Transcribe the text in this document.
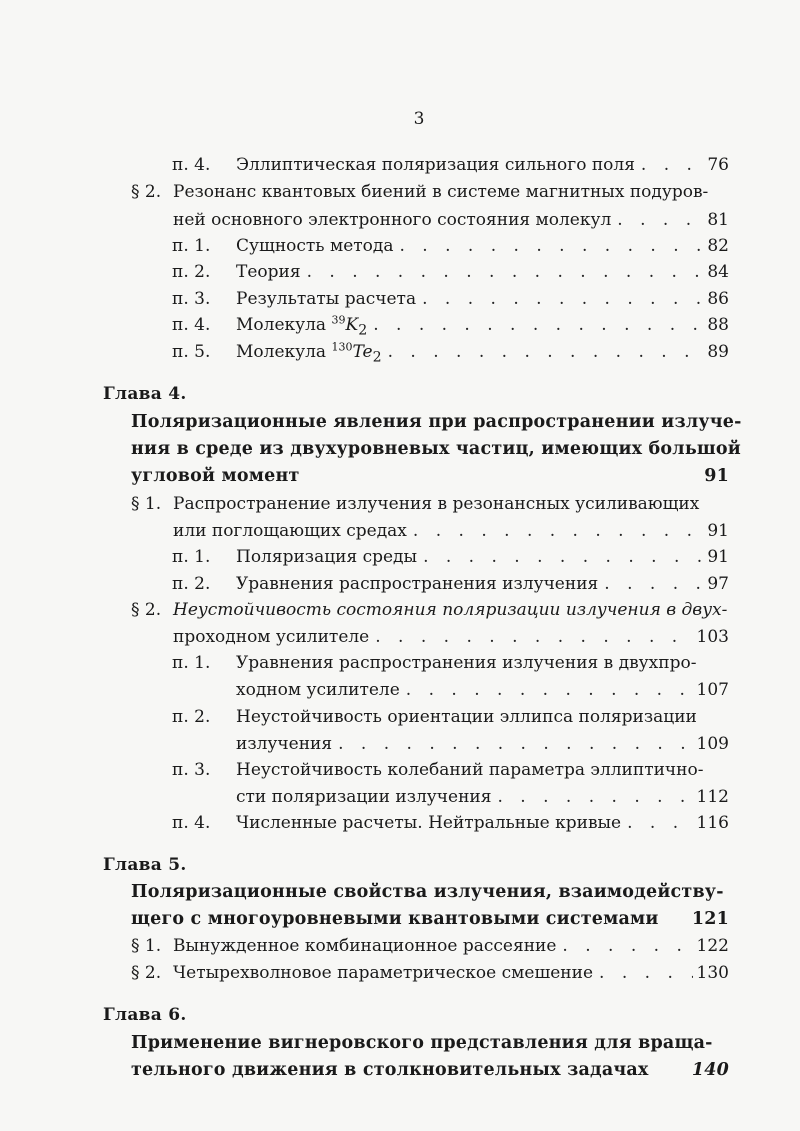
3
п. 4.	Эллиптическая поляризация сильного поля . . .	76
§ 2. Резонанс квантовых биений в системе магнитных подуров-
ней основного электронного состояния молекул . . .	81
п. 1.	Сущность метода . . .	82
п. 2.	Теория . . .	84
п. 3.	Результаты расчета . . .	86
п. 4.	Молекула $^{39}K_2$ . . .	88
п. 5.	Молекула $^{130}Te_2$ . . .	89
Глава 4.
Поляризационные явления при распространении излуче-
ния в среде из двухуровневых частиц, имеющих большой
угловой момент	91
§ 1. Распространение излучения в резонансных усиливающих
или поглощающих средах . . .	91
п. 1.	Поляризация среды . . .	91
п. 2.	Уравнения распространения излучения . . .	97
§ 2. Неустойчивость состояния поляризации излучения в двух-
проходном усилителе . . .	103
п. 1.	Уравнения распространения излучения в двухпро-
ходном усилителе . . .	107
п. 2.	Неустойчивость ориентации эллипса поляризации
излучения . . .	109
п. 3.	Неустойчивость колебаний параметра эллиптично-
сти поляризации излучения . . .	112
п. 4.	Численные расчеты. Нейтральные кривые . . .	116
Глава 5.
Поляризационные свойства излучения, взаимодейству-
щего с многоуровневыми квантовыми системами 121
§ 1. Вынужденное комбинационное рассеяние . . .	122
§ 2. Четырехволновое параметрическое смешение . . .	130
Глава 6.
Применение вигнеровского представления для враща-
тельного движения в столкновительных задачах 140
